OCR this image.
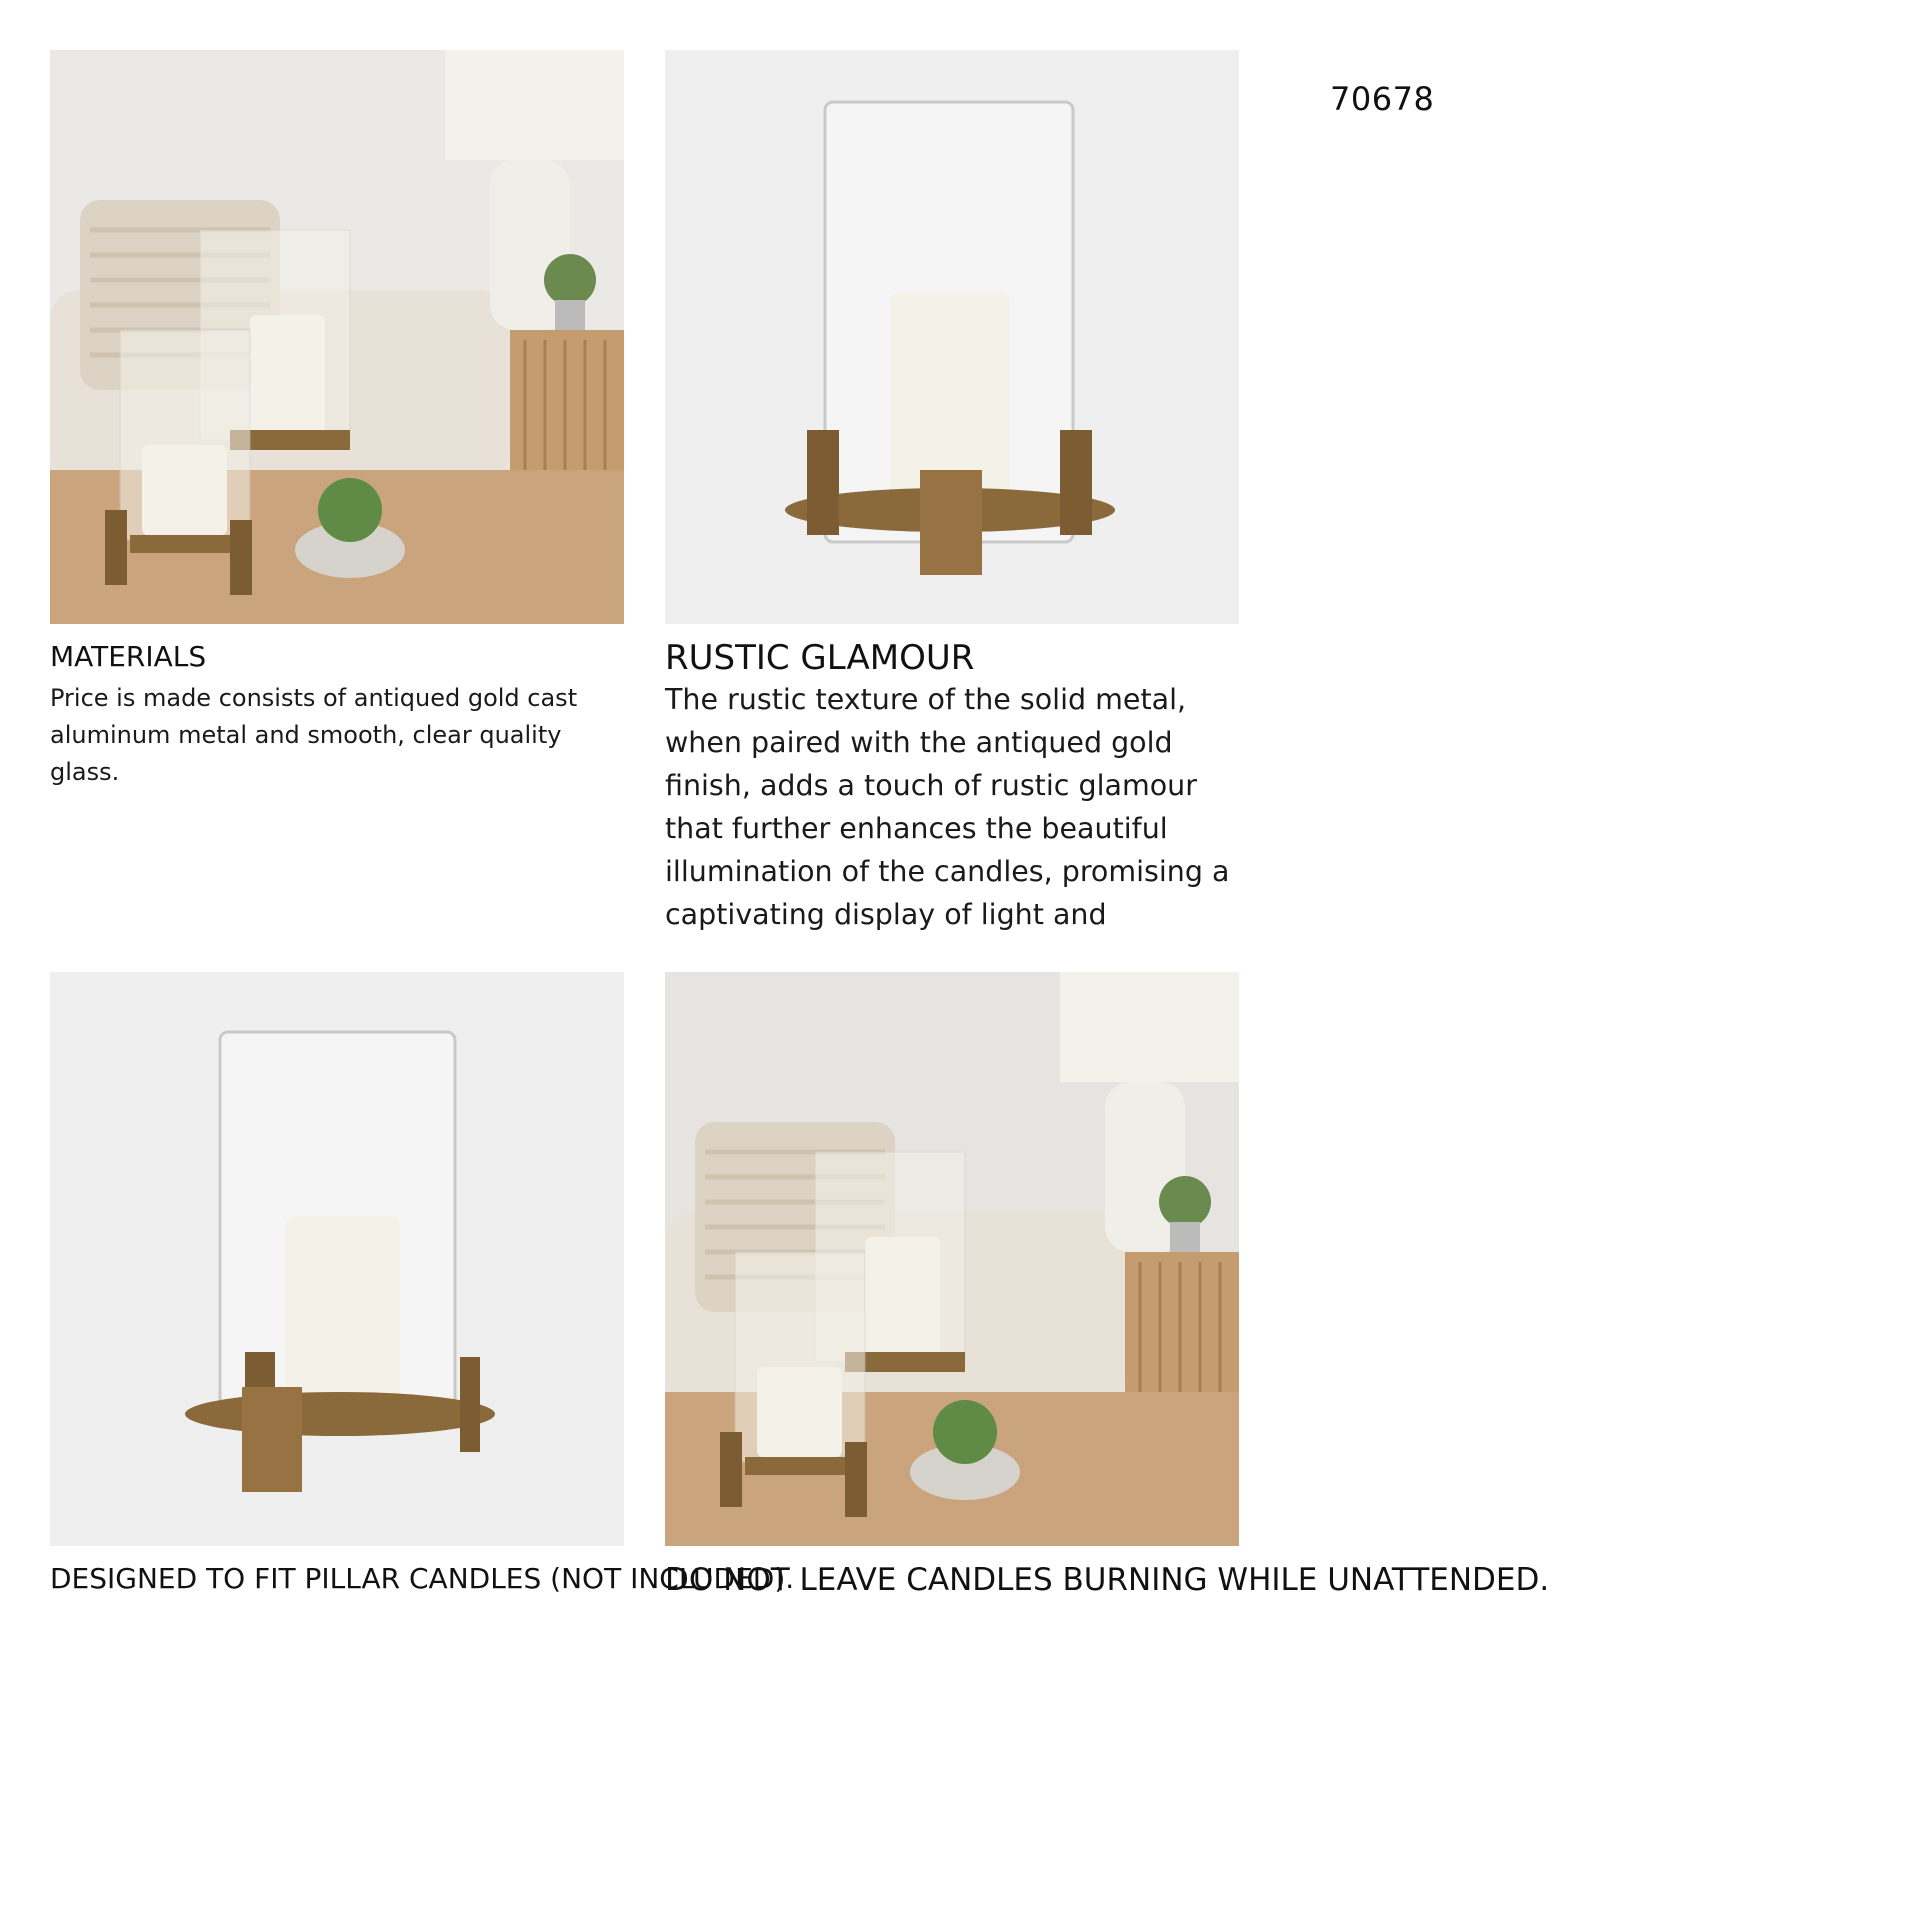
70678
MATERIALS

Price is made consists of antiqued gold cast aluminum metal and smooth, clear quality glass.

RUSTIC GLAMOUR

The rustic texture of the solid metal, when paired with the antiqued gold finish, adds a touch of rustic glamour that further enhances the beautiful illumination of the candles, promising a captivating display of light and

DESIGNED TO FIT PILLAR CANDLES (NOT INCLUDED).

DO NOT LEAVE CANDLES BURNING WHILE UNATTENDED.
